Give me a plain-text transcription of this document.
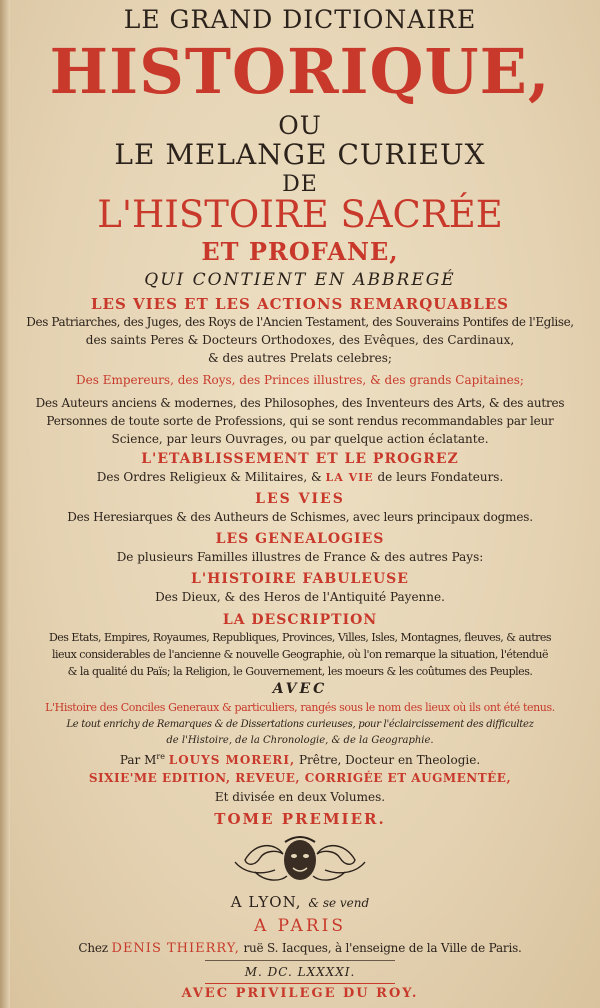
LE GRAND DICTIONAIRE
HISTORIQUE,
OU
LE MELANGE CURIEUX
DE
L'HISTOIRE SACRÉE
ET PROFANE,
QUI CONTIENT EN ABBREGÉ
LES VIES ET LES ACTIONS REMARQUABLES
Des Patriarches, des Juges, des Roys de l'Ancien Testament, des Souverains Pontifes de l'Eglise,
des saints Peres & Docteurs Orthodoxes, des Evêques, des Cardinaux,
& des autres Prelats celebres;
Des Empereurs, des Roys, des Princes illustres, & des grands Capitaines;
Des Auteurs anciens & modernes, des Philosophes, des Inventeurs des Arts, & des autres
Personnes de toute sorte de Professions, qui se sont rendus recommandables par leur
Science, par leurs Ouvrages, ou par quelque action éclatante.
L'ETABLISSEMENT ET LE PROGREZ
Des Ordres Religieux & Militaires, & LA VIE de leurs Fondateurs.
LES VIES
Des Heresiarques & des Autheurs de Schismes, avec leurs principaux dogmes.
LES GENEALOGIES
De plusieurs Familles illustres de France & des autres Pays:
L'HISTOIRE FABULEUSE
Des Dieux, & des Heros de l'Antiquité Payenne.
LA DESCRIPTION
Des Etats, Empires, Royaumes, Republiques, Provinces, Villes, Isles, Montagnes, fleuves, & autres
lieux considerables de l'ancienne & nouvelle Geographie, où l'on remarque la situation, l'étenduë
& la qualité du Païs; la Religion, le Gouvernement, les moeurs & les coûtumes des Peuples.
AVEC
L'Histoire des Conciles Generaux & particuliers, rangés sous le nom des lieux où ils ont été tenus.
Le tout enrichy de Remarques & de Dissertations curieuses, pour l'éclaircissement des difficultez
de l'Histoire, de la Chronologie, & de la Geographie.
Par Mre LOUYS MORERI, Prêtre, Docteur en Theologie.
SIXIE'ME EDITION, REVEUE, CORRIGÉE ET AUGMENTÉE,
Et divisée en deux Volumes.
TOME PREMIER.
A LYON, & se vend
A PARIS
Chez DENIS THIERRY, ruë S. Iacques, à l'enseigne de la Ville de Paris.
M. DC. LXXXXI.
AVEC PRIVILEGE DU ROY.
